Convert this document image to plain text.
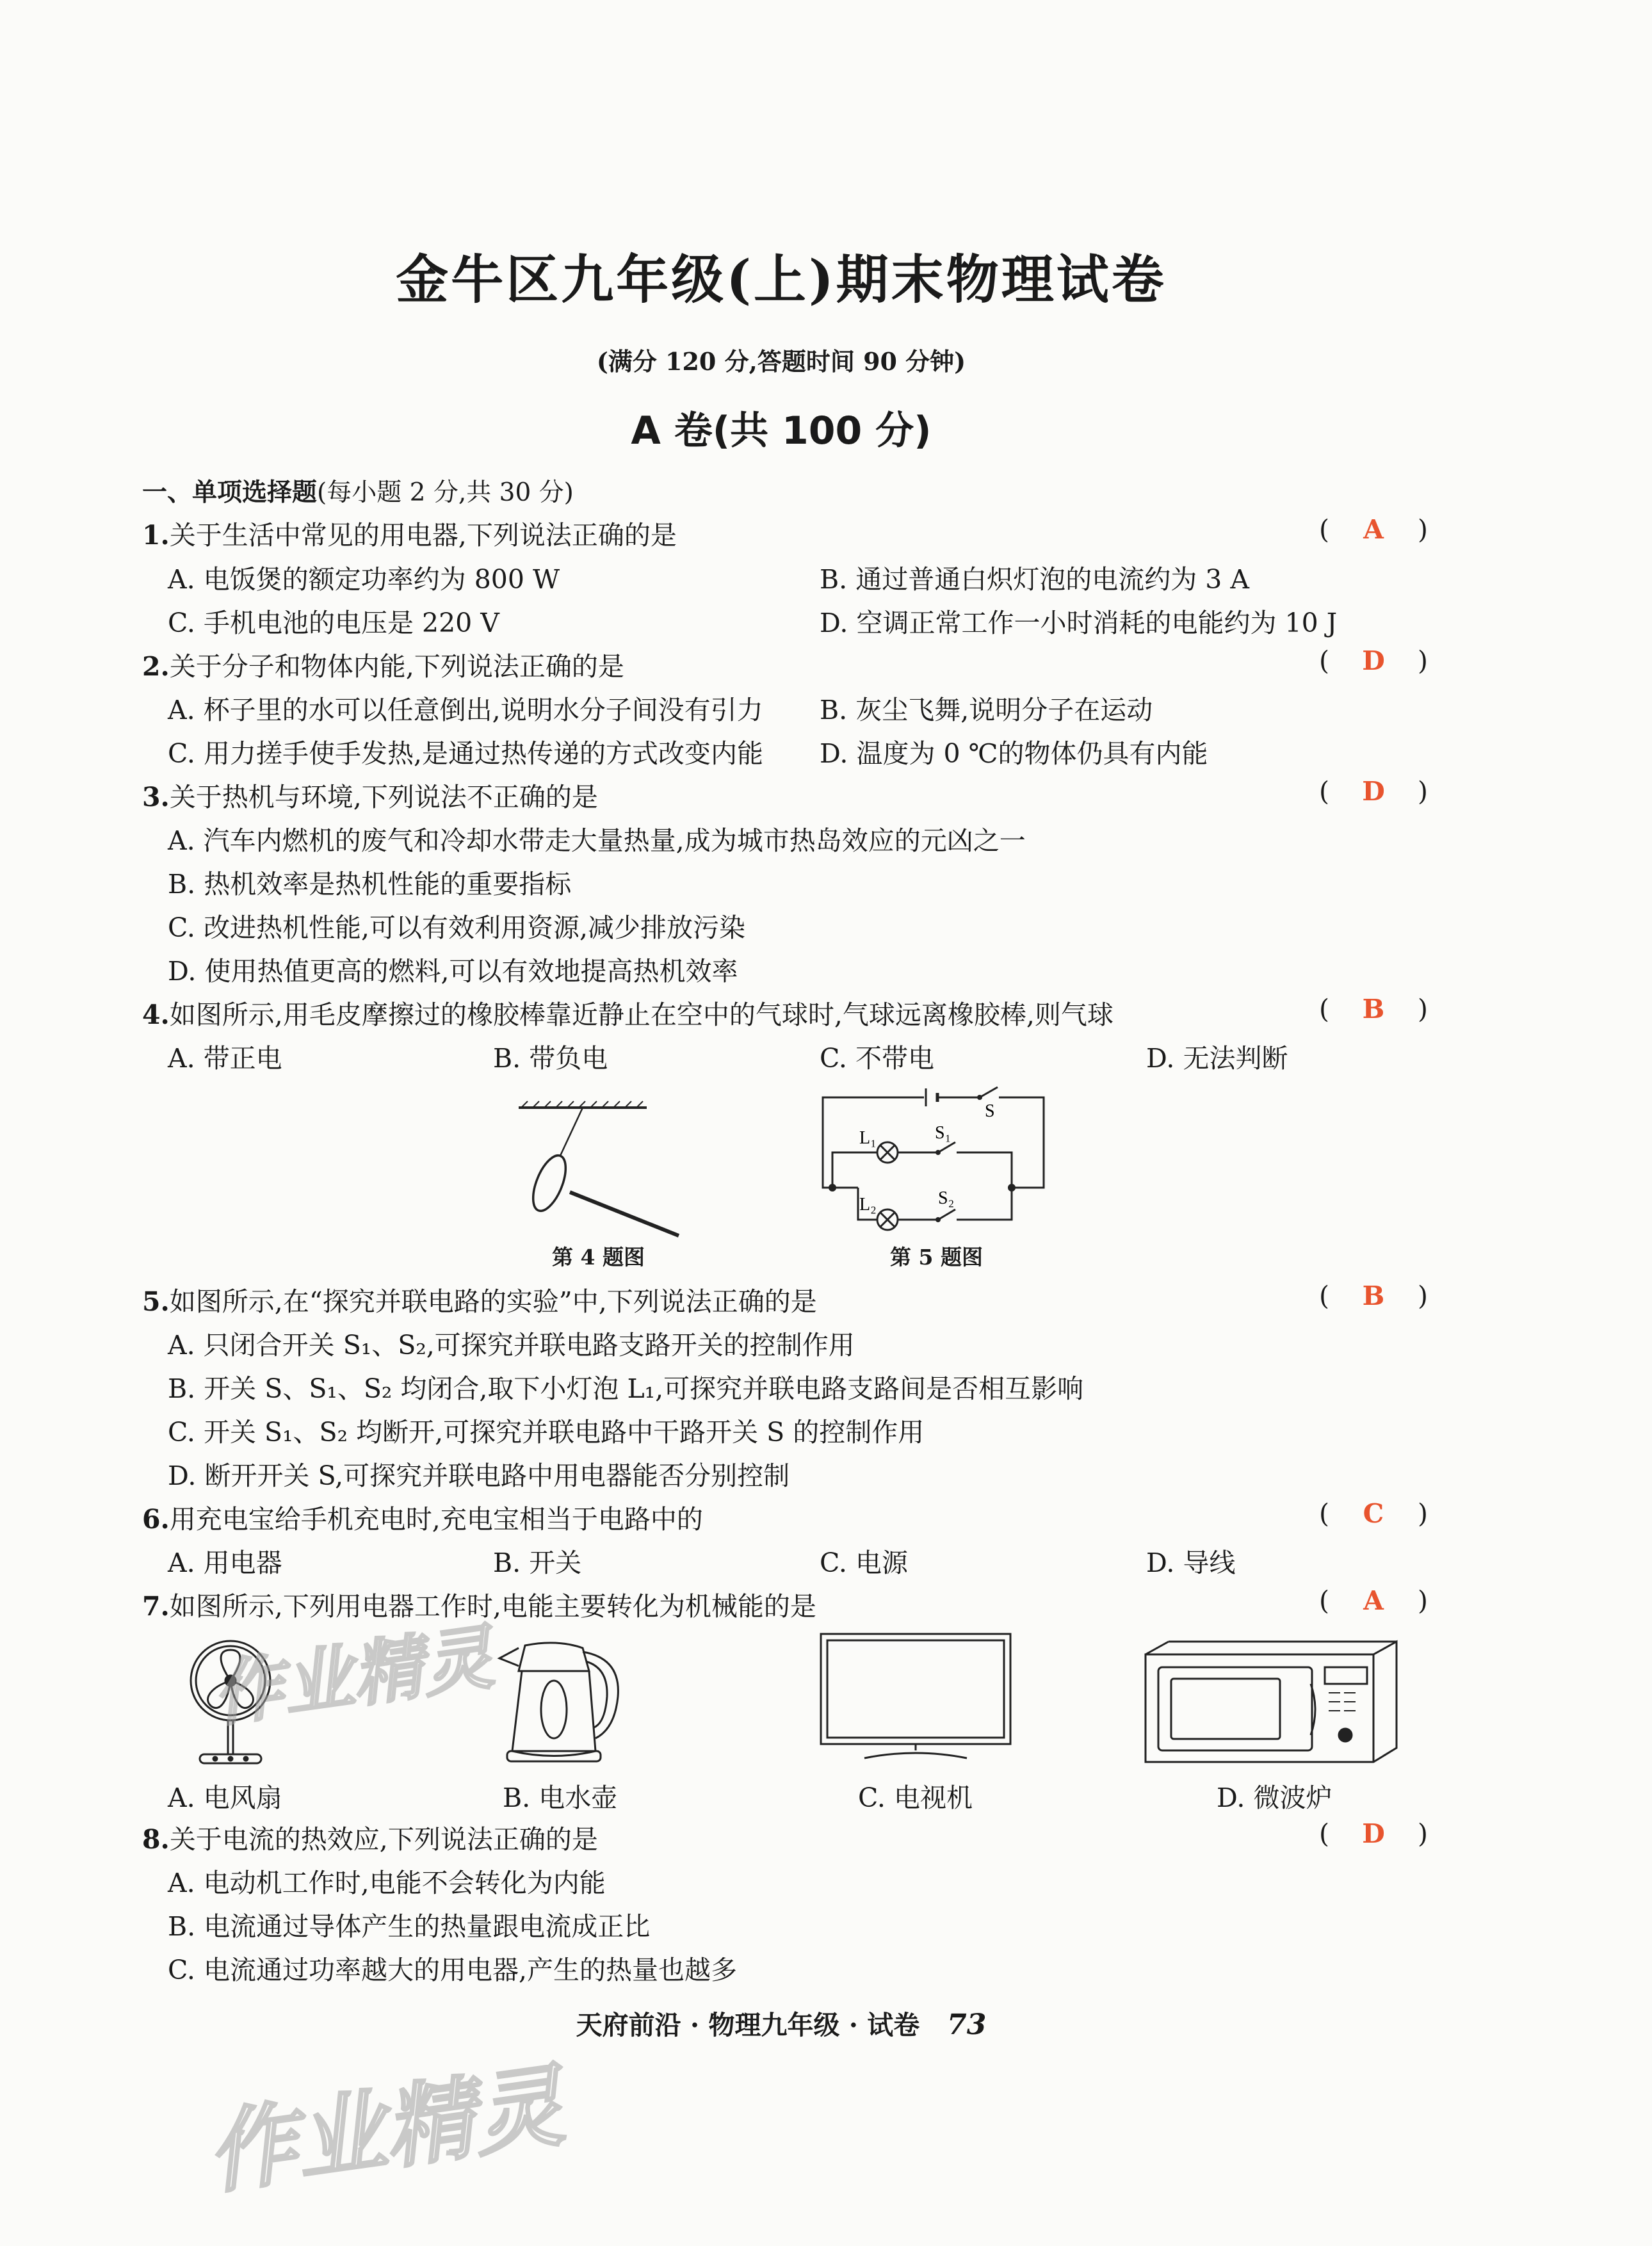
金牛区九年级(上)期末物理试卷
(满分 120 分,答题时间 90 分钟)
A 卷(共 100 分)
一、单项选择题(每小题 2 分,共 30 分)
1.关于生活中常见的用电器,下列说法正确的是	(	A	)
A. 电饭煲的额定功率约为 800 W	B. 通过普通白炽灯泡的电流约为 3 A
C. 手机电池的电压是 220 V	D. 空调正常工作一小时消耗的电能约为 10 J
2.关于分子和物体内能,下列说法正确的是	(	D	)
A. 杯子里的水可以任意倒出,说明水分子间没有引力 B. 灰尘飞舞,说明分子在运动
C. 用力搓手使手发热,是通过热传递的方式改变内能 D. 温度为 0 ℃的物体仍具有内能
3.关于热机与环境,下列说法不正确的是	(	D	)
A. 汽车内燃机的废气和冷却水带走大量热量,成为城市热岛效应的元凶之一
B. 热机效率是热机性能的重要指标
C. 改进热机性能,可以有效利用资源,减少排放污染
D. 使用热值更高的燃料,可以有效地提高热机效率
4.如图所示,用毛皮摩擦过的橡胶棒靠近静止在空中的气球时,气球远离橡胶棒,则气球	(	B	)
A. 带正电	B. 带负电	C. 不带电	D. 无法判断
第 4 题图
S
L₁	S₁
L₂	S₂
第 5 题图
5.如图所示,在“探究并联电路的实验”中,下列说法正确的是	(	B	)
A. 只闭合开关 S₁、S₂,可探究并联电路支路开关的控制作用
B. 开关 S、S₁、S₂ 均闭合,取下小灯泡 L₁,可探究并联电路支路间是否相互影响
C. 开关 S₁、S₂ 均断开,可探究并联电路中干路开关 S 的控制作用
D. 断开开关 S,可探究并联电路中用电器能否分别控制
6.用充电宝给手机充电时,充电宝相当于电路中的	(	C	)
A. 用电器	B. 开关	C. 电源	D. 导线
7.如图所示,下列用电器工作时,电能主要转化为机械能的是	(	A	)
A. 电风扇	B. 电水壶	C. 电视机	D. 微波炉
8.关于电流的热效应,下列说法正确的是	(	D	)
A. 电动机工作时,电能不会转化为内能
B. 电流通过导体产生的热量跟电流成正比
C. 电流通过功率越大的用电器,产生的热量也越多
天府前沿 · 物理九年级 · 试卷 73
作业精灵
作业精灵
